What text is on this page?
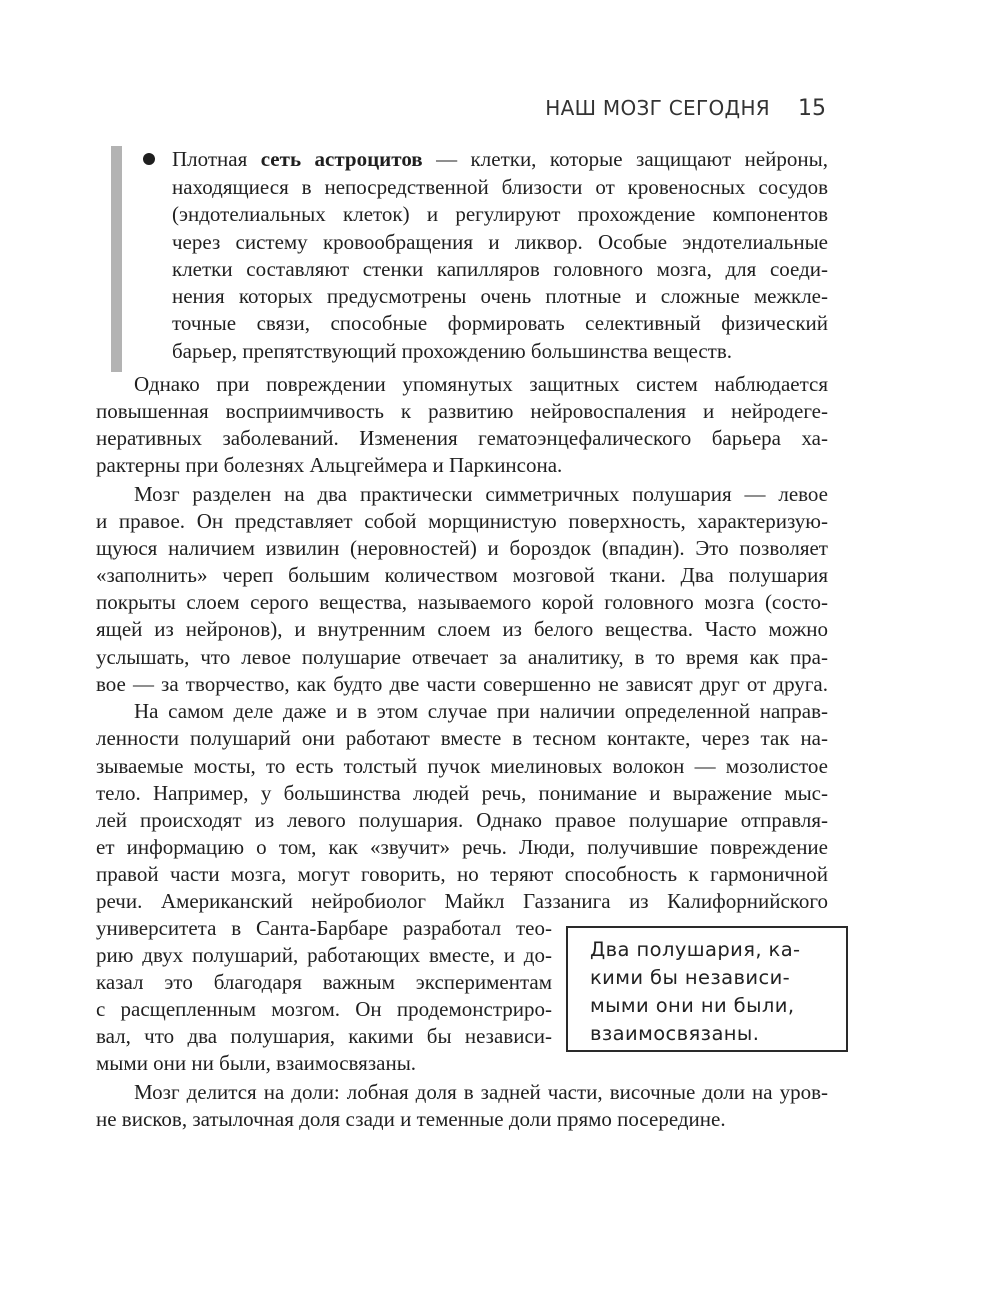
НАШ МОЗГ СЕГОДНЯ 15
Плотная сеть астроцитов — клетки, которые защищают нейроны,
находящиеся в непосредственной близости от кровеносных сосудов
(эндотелиальных клеток) и регулируют прохождение компонентов
через систему кровообращения и ликвор. Особые эндотелиальные
клетки составляют стенки капилляров головного мозга, для соеди-
нения которых предусмотрены очень плотные и сложные межкле-
точные связи, способные формировать селективный физический
барьер, препятствующий прохождению большинства веществ.
Однако при повреждении упомянутых защитных систем наблюдается
повышенная восприимчивость к развитию нейровоспаления и нейродеге-
неративных заболеваний. Изменения гематоэнцефалического барьера ха-
рактерны при болезнях Альцгеймера и Паркинсона.
Мозг разделен на два практически симметричных полушария — левое
и правое. Он представляет собой морщинистую поверхность, характеризую-
щуюся наличием извилин (неровностей) и бороздок (впадин). Это позволяет
«заполнить» череп большим количеством мозговой ткани. Два полушария
покрыты слоем серого вещества, называемого корой головного мозга (состо-
ящей из нейронов), и внутренним слоем из белого вещества. Часто можно
услышать, что левое полушарие отвечает за аналитику, в то время как пра-
вое — за творчество, как будто две части совершенно не зависят друг от друга.
На самом деле даже и в этом случае при наличии определенной направ-
ленности полушарий они работают вместе в тесном контакте, через так на-
зываемые мосты, то есть толстый пучок миелиновых волокон — мозолистое
тело. Например, у большинства людей речь, понимание и выражение мыс-
лей происходят из левого полушария. Однако правое полушарие отправля-
ет информацию о том, как «звучит» речь. Люди, получившие повреждение
правой части мозга, могут говорить, но теряют способность к гармоничной
речи. Американский нейробиолог Майкл Газзанига из Калифорнийского
университета в Санта-Барбаре разработал тео-
рию двух полушарий, работающих вместе, и до-
казал это благодаря важным экспериментам
с расщепленным мозгом. Он продемонстриро-
вал, что два полушария, какими бы независи-
мыми они ни были, взаимосвязаны.
Мозг делится на доли: лобная доля в задней части, височные доли на уров-
не висков, затылочная доля сзади и теменные доли прямо посередине.
Два полушария, ка-
кими бы независи-
мыми они ни были,
взаимосвязаны.
